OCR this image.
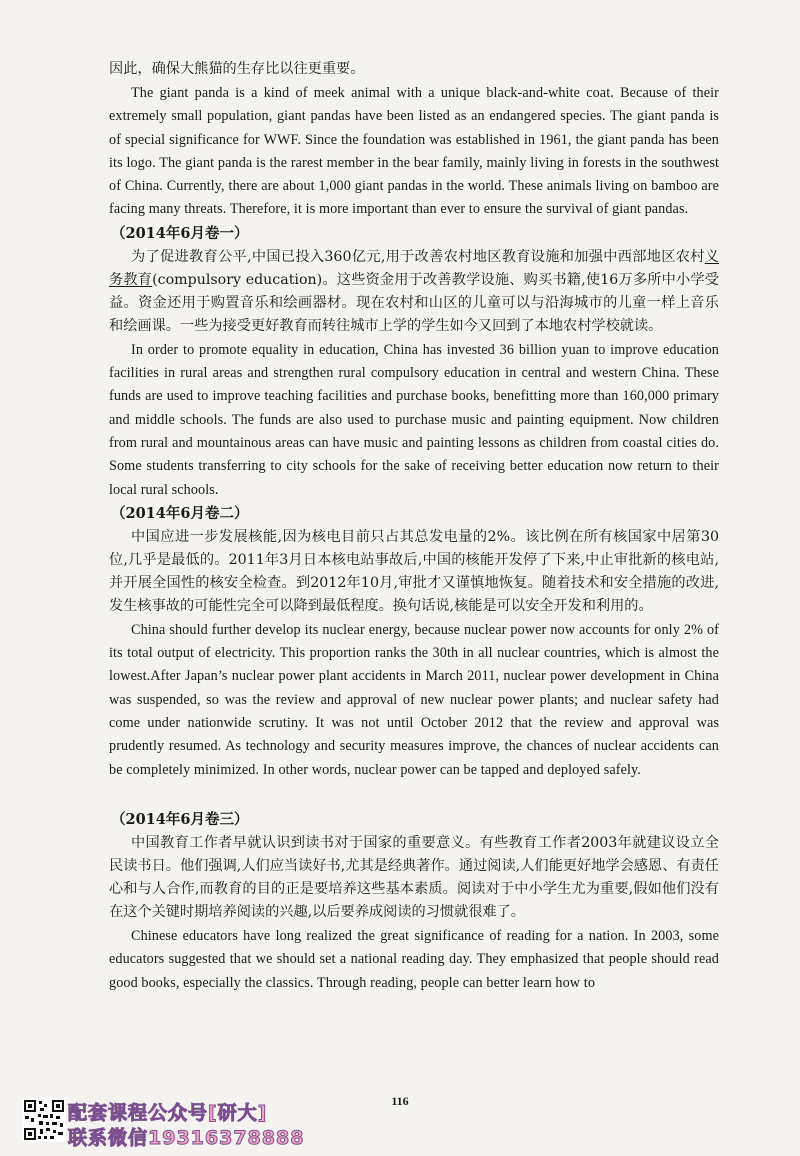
因此，确保大熊猫的生存比以往更重要。

The giant panda is a kind of meek animal with a unique black-and-white coat. Because of their extremely small population, giant pandas have been listed as an endangered species. The giant panda is of special significance for WWF. Since the foundation was established in 1961, the giant panda has been its logo. The giant panda is the rarest member in the bear family, mainly living in forests in the southwest of China. Currently, there are about 1,000 giant pandas in the world. These animals living on bamboo are facing many threats. Therefore, it is more important than ever to ensure the survival of giant pandas.

（2014年6月卷一）

为了促进教育公平,中国已投入360亿元,用于改善农村地区教育设施和加强中西部地区农村义务教育(compulsory education)。这些资金用于改善教学设施、购买书籍,使16万多所中小学受益。资金还用于购置音乐和绘画器材。现在农村和山区的儿童可以与沿海城市的儿童一样上音乐和绘画课。一些为接受更好教育而转往城市上学的学生如今又回到了本地农村学校就读。

In order to promote equality in education, China has invested 36 billion yuan to improve education facilities in rural areas and strengthen rural compulsory education in central and western China. These funds are used to improve teaching facilities and purchase books, benefitting more than 160,000 primary and middle schools. The funds are also used to purchase music and painting equipment. Now children from rural and mountainous areas can have music and painting lessons as children from coastal cities do. Some students transferring to city schools for the sake of receiving better education now return to their local rural schools.

（2014年6月卷二）

中国应进一步发展核能,因为核电目前只占其总发电量的2%。该比例在所有核国家中居第30位,几乎是最低的。2011年3月日本核电站事故后,中国的核能开发停了下来,中止审批新的核电站,并开展全国性的核安全检查。到2012年10月,审批才又谨慎地恢复。随着技术和安全措施的改进,发生核事故的可能性完全可以降到最低程度。换句话说,核能是可以安全开发和利用的。

China should further develop its nuclear energy, because nuclear power now accounts for only 2% of its total output of electricity. This proportion ranks the 30th in all nuclear countries, which is almost the lowest.After Japan’s nuclear power plant accidents in March 2011, nuclear power development in China was suspended, so was the review and approval of new nuclear power plants; and nuclear safety had come under nationwide scrutiny. It was not until October 2012 that the review and approval was prudently resumed. As technology and security measures improve, the chances of nuclear accidents can be completely minimized. In other words, nuclear power can be tapped and deployed safely.

（2014年6月卷三）

中国教育工作者早就认识到读书对于国家的重要意义。有些教育工作者2003年就建议设立全民读书日。他们强调,人们应当读好书,尤其是经典著作。通过阅读,人们能更好地学会感恩、有责任心和与人合作,而教育的目的正是要培养这些基本素质。阅读对于中小学生尤为重要,假如他们没有在这个关键时期培养阅读的兴趣,以后要养成阅读的习惯就很难了。

Chinese educators have long realized the great significance of reading for a nation. In 2003, some educators suggested that we should set a national reading day. They emphasized that people should read good books, especially the classics. Through reading, people can better learn how to

116
配套课程公众号[研大]
联系微信19316378888
